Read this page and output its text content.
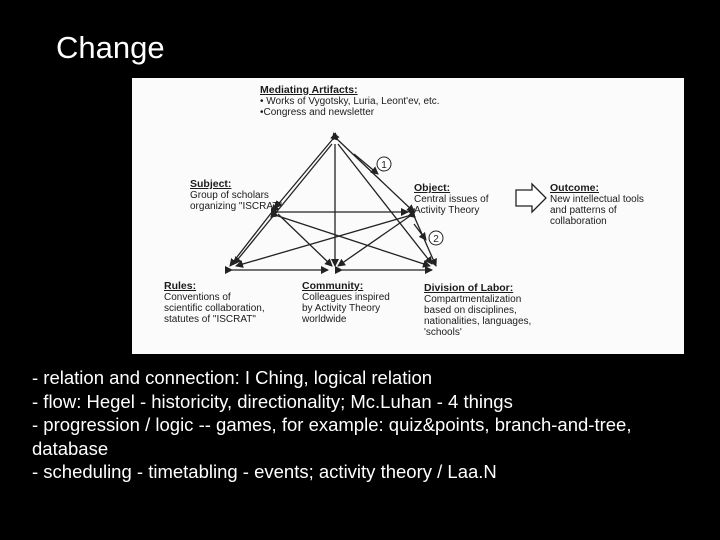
Change
1
2
Mediating Artifacts:
• Works of Vygotsky, Luria, Leont'ev, etc.
•Congress and newsletter
Subject:
Group of scholars
organizing "ISCRAT"
Object:
Central issues of
Activity Theory
Outcome:
New intellectual tools
and patterns of
collaboration
Rules:
Conventions of
scientific collaboration,
statutes of "ISCRAT"
Community:
Colleagues inspired
by Activity Theory
worldwide
Division of Labor:
Compartmentalization
based on disciplines,
nationalities, languages,
'schools'
- relation and connection: I Ching, logical relation
- flow: Hegel - historicity, directionality; Mc.Luhan - 4 things
- progression / logic -- games, for example: quiz&points, branch-and-tree, database
- scheduling - timetabling - events; activity theory / Laa.N
